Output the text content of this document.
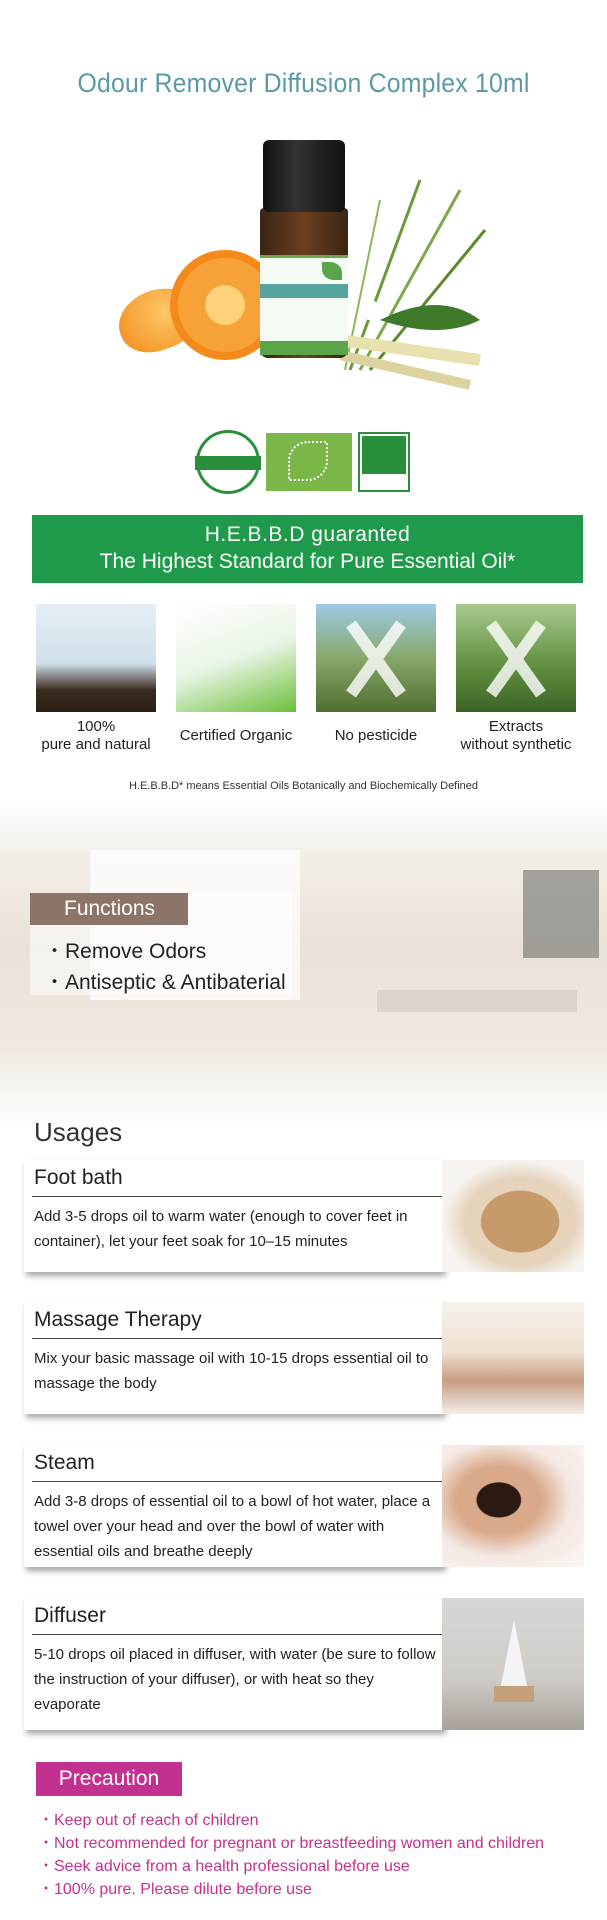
Odour Remover Diffusion Complex 10ml
H.E.B.B.D guaranted
The Highest Standard for Pure Essential Oil*
100%
pure and natural
Certified Organic	No pesticide
Extracts
without synthetic
H.E.B.B.D* means Essential Oils Botanically and Biochemically Defined
Functions
・Remove Odors
・Antiseptic & Antibaterial
Usages
Foot bath
Add 3-5 drops oil to warm water (enough to cover feet in container), let your feet soak for 10–15 minutes
Massage Therapy
Mix your basic massage oil with 10-15 drops essential oil to massage the body
Steam
Add 3-8 drops of essential oil to a bowl of hot water, place a towel over your head and over the bowl of water with essential oils and breathe deeply
Diffuser
5-10 drops oil placed in diffuser, with water (be sure to follow the instruction of your diffuser), or with heat so they evaporate
Precaution
・Keep out of reach of children
・Not recommended for pregnant or breastfeeding women and children
・Seek advice from a health professional before use
・100% pure. Please dilute before use
